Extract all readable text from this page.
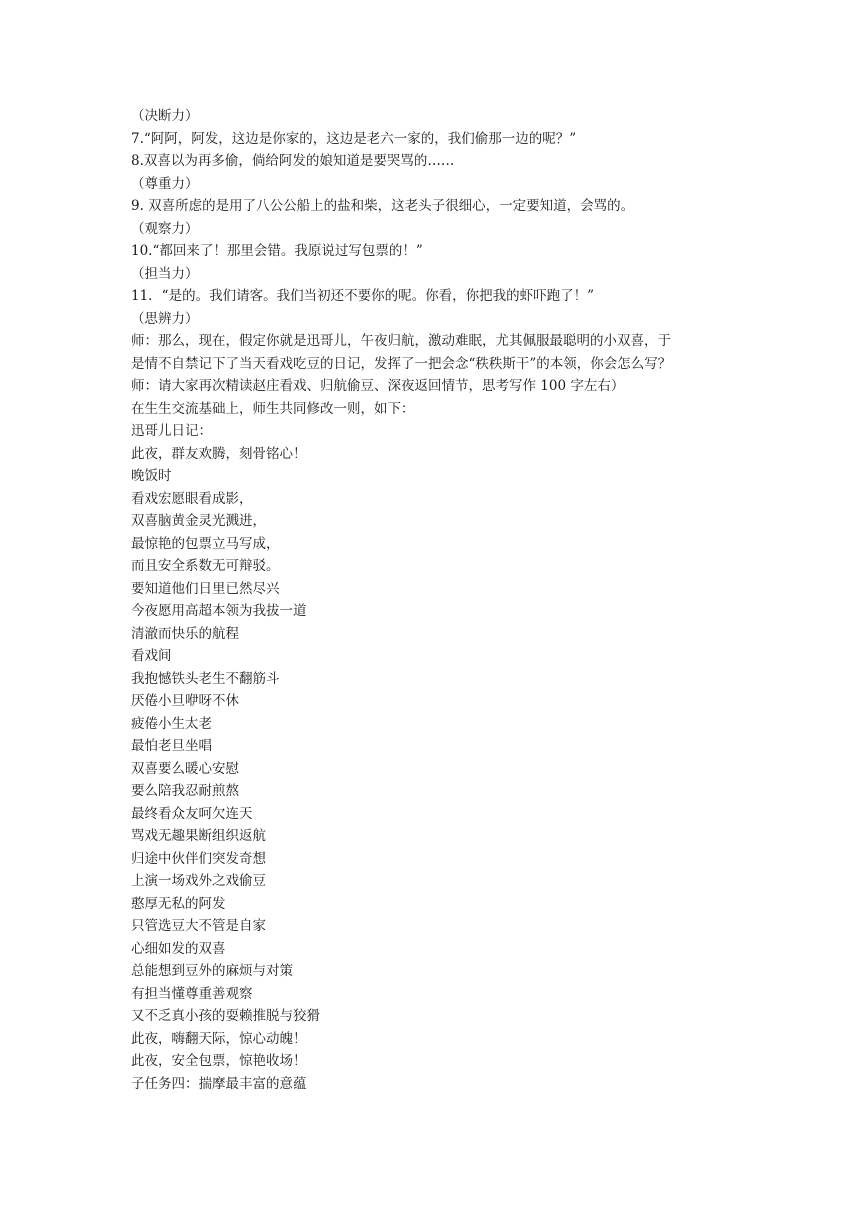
（决断力）
7.“阿阿，阿发，这边是你家的，这边是老六一家的，我们偷那一边的呢？”
8.双喜以为再多偷，倘给阿发的娘知道是要哭骂的……
（尊重力）
9. 双喜所虑的是用了八公公船上的盐和柴，这老头子很细心，一定要知道，会骂的。
（观察力）
10.“都回来了！那里会错。我原说过写包票的！”
（担当力）
11．“是的。我们请客。我们当初还不要你的呢。你看，你把我的虾吓跑了！”
（思辨力）
师：那么，现在，假定你就是迅哥儿，午夜归航，激动难眠，尤其佩服最聪明的小双喜，于
是情不自禁记下了当天看戏吃豆的日记，发挥了一把会念“秩秩斯干”的本领，你会怎么写？
师：请大家再次精读赵庄看戏、归航偷豆、深夜返回情节，思考写作 100 字左右）
在生生交流基础上，师生共同修改一则，如下：
迅哥儿日记：
此夜，群友欢腾，刻骨铭心！
晚饭时
看戏宏愿眼看成影，
双喜脑黄金灵光溅进，
最惊艳的包票立马写成，
而且安全系数无可辩驳。
要知道他们日里已然尽兴
今夜愿用高超本领为我拔一道
清澈而快乐的航程
看戏间
我抱憾铁头老生不翻筋斗
厌倦小旦咿呀不休
疲倦小生太老
最怕老旦坐唱
双喜要么暖心安慰
要么陪我忍耐煎熬
最终看众友呵欠连天
骂戏无趣果断组织返航
归途中伙伴们突发奇想
上演一场戏外之戏偷豆
憨厚无私的阿发
只管选豆大不管是自家
心细如发的双喜
总能想到豆外的麻烦与对策
有担当懂尊重善观察
又不乏真小孩的耍赖推脱与狡猾
此夜，嗨翻天际，惊心动魄！
此夜，安全包票，惊艳收场！
子任务四：揣摩最丰富的意蕴
